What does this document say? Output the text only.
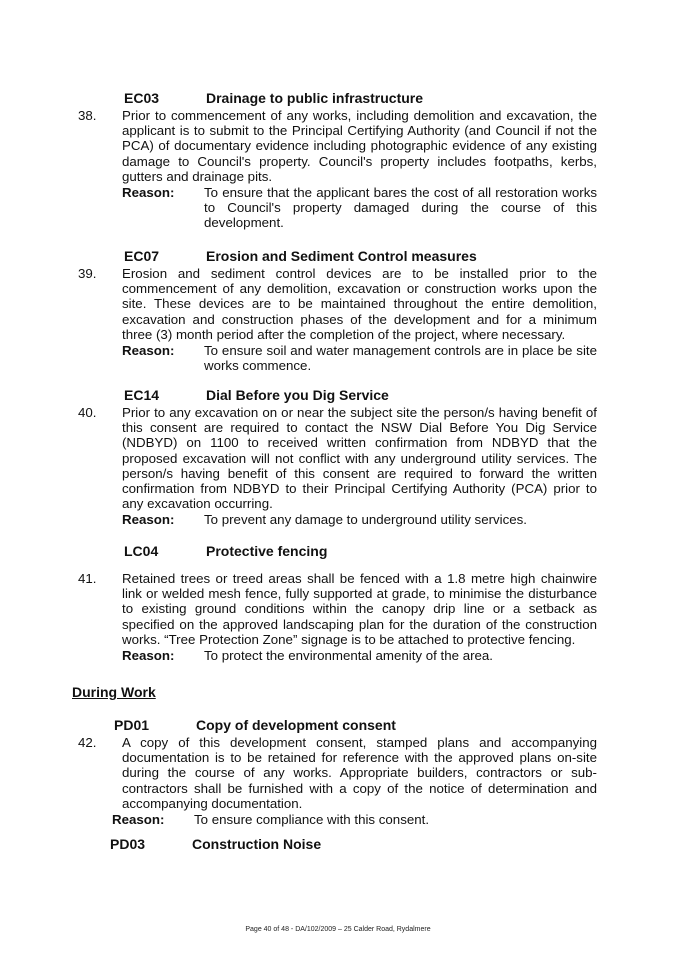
EC03	Drainage to public infrastructure
38. Prior to commencement of any works, including demolition and excavation, the applicant is to submit to the Principal Certifying Authority (and Council if not the PCA) of documentary evidence including photographic evidence of any existing damage to Council's property. Council's property includes footpaths, kerbs, gutters and drainage pits.
Reason: To ensure that the applicant bares the cost of all restoration works to Council's property damaged during the course of this development.
EC07	Erosion and Sediment Control measures
39. Erosion and sediment control devices are to be installed prior to the commencement of any demolition, excavation or construction works upon the site. These devices are to be maintained throughout the entire demolition, excavation and construction phases of the development and for a minimum three (3) month period after the completion of the project, where necessary.
Reason: To ensure soil and water management controls are in place be site works commence.
EC14	Dial Before you Dig Service
40. Prior to any excavation on or near the subject site the person/s having benefit of this consent are required to contact the NSW Dial Before You Dig Service (NDBYD) on 1100 to received written confirmation from NDBYD that the proposed excavation will not conflict with any underground utility services. The person/s having benefit of this consent are required to forward the written confirmation from NDBYD to their Principal Certifying Authority (PCA) prior to any excavation occurring.
Reason: To prevent any damage to underground utility services.
LC04	Protective fencing
41. Retained trees or treed areas shall be fenced with a 1.8 metre high chainwire link or welded mesh fence, fully supported at grade, to minimise the disturbance to existing ground conditions within the canopy drip line or a setback as specified on the approved landscaping plan for the duration of the construction works. “Tree Protection Zone” signage is to be attached to protective fencing.
Reason: To protect the environmental amenity of the area.
During Work
PD01	Copy of development consent
42. A copy of this development consent, stamped plans and accompanying documentation is to be retained for reference with the approved plans on-site during the course of any works. Appropriate builders, contractors or sub-contractors shall be furnished with a copy of the notice of determination and accompanying documentation.
Reason: To ensure compliance with this consent.
PD03	Construction Noise
Page 40 of 48 - DA/102/2009 – 25 Calder Road, Rydalmere
